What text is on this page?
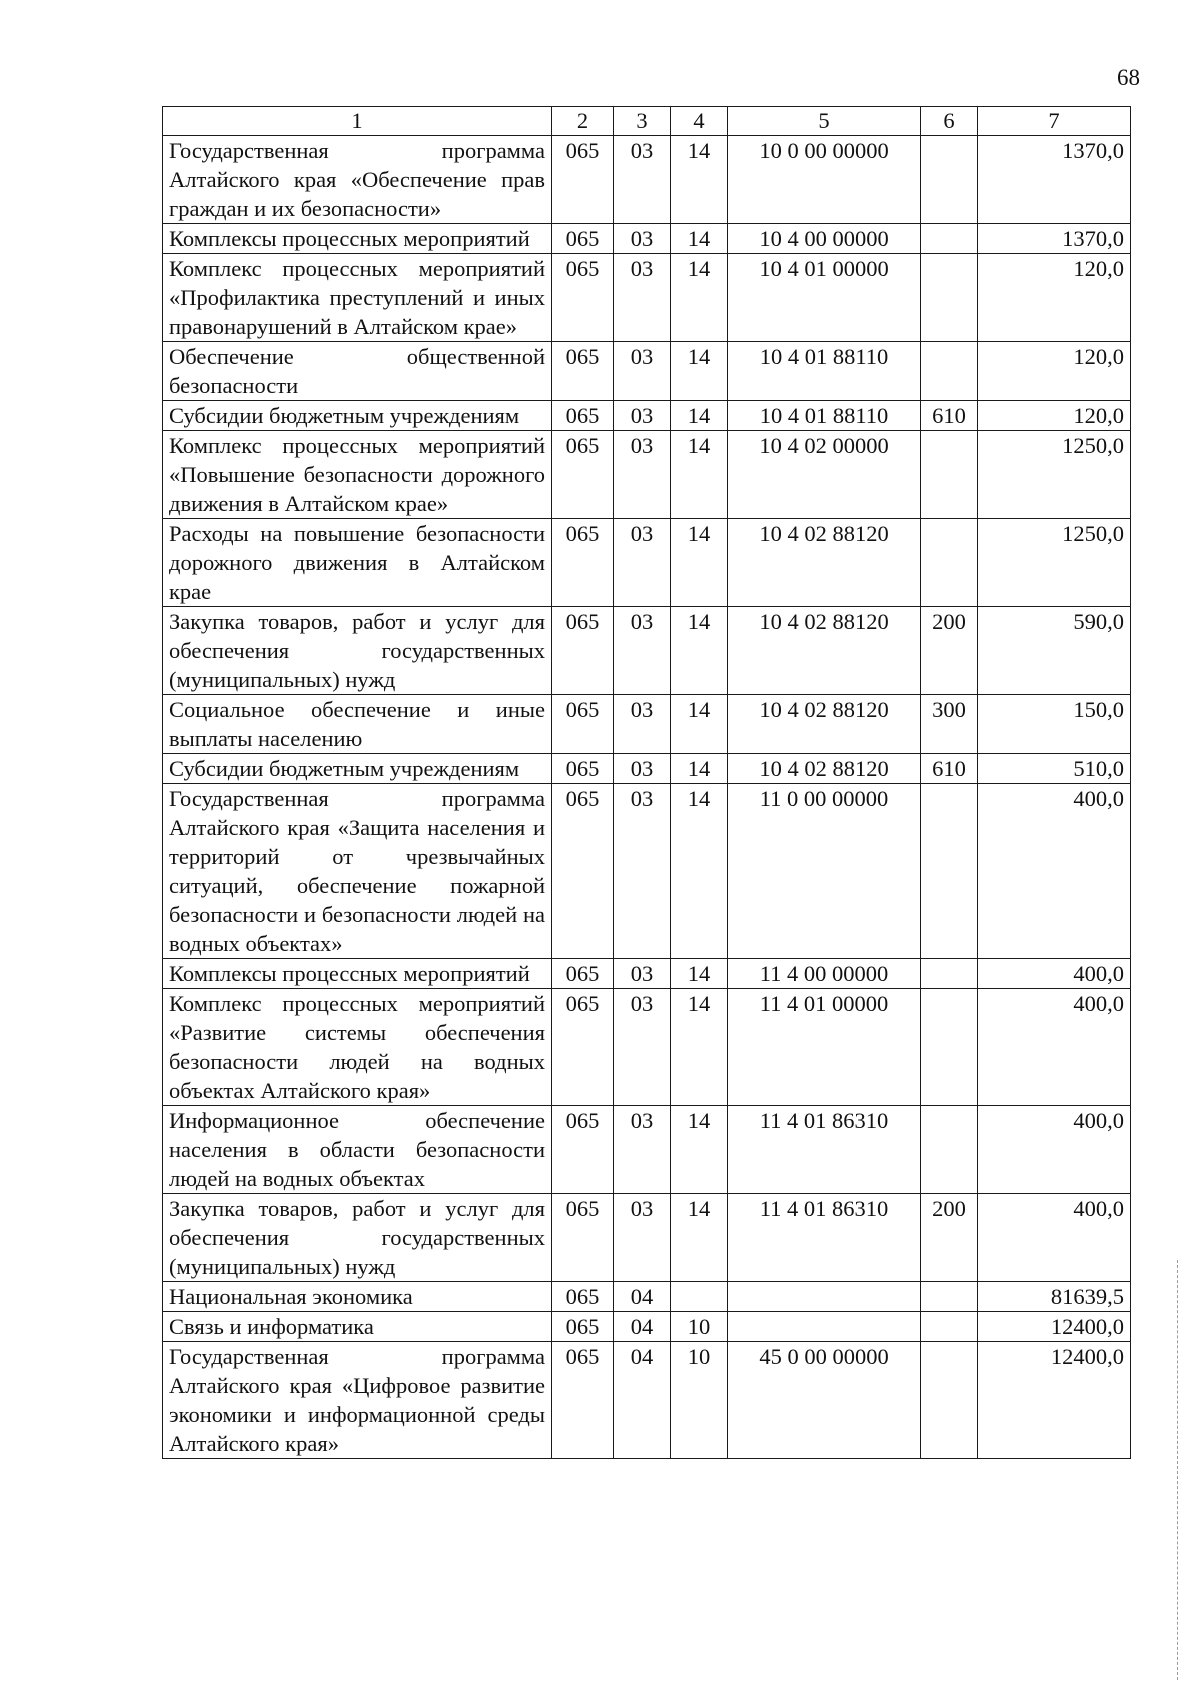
68
1	2	3	4	5	6	7
Государственная программа Алтайского края «Обеспечение прав граждан и их безопасности»	065	03	14	10 0 00 00000		1370,0
Комплексы процессных мероприятий	065	03	14	10 4 00 00000		1370,0
Комплекс процессных мероприятий «Профилактика преступлений и иных правонарушений в Алтайском крае»	065	03	14	10 4 01 00000		120,0
Обеспечение общественной безопасности	065	03	14	10 4 01 88110		120,0
Субсидии бюджетным учреждениям	065	03	14	10 4 01 88110	610	120,0
Комплекс процессных мероприятий «Повышение безопасности дорожного движения в Алтайском крае»	065	03	14	10 4 02 00000		1250,0
Расходы на повышение безопасности дорожного движения в Алтайском крае	065	03	14	10 4 02 88120		1250,0
Закупка товаров, работ и услуг для обеспечения государственных (муниципальных) нужд	065	03	14	10 4 02 88120	200	590,0
Социальное обеспечение и иные выплаты населению	065	03	14	10 4 02 88120	300	150,0
Субсидии бюджетным учреждениям	065	03	14	10 4 02 88120	610	510,0
Государственная программа Алтайского края «Защита населения и территорий от чрезвычайных ситуаций, обеспечение пожарной безопасности и безопасности людей на водных объектах»	065	03	14	11 0 00 00000		400,0
Комплексы процессных мероприятий	065	03	14	11 4 00 00000		400,0
Комплекс процессных мероприятий «Развитие системы обеспечения безопасности людей на водных объектах Алтайского края»	065	03	14	11 4 01 00000		400,0
Информационное обеспечение населения в области безопасности людей на водных объектах	065	03	14	11 4 01 86310		400,0
Закупка товаров, работ и услуг для обеспечения государственных (муниципальных) нужд	065	03	14	11 4 01 86310	200	400,0
Национальная экономика	065	04				81639,5
Связь и информатика	065	04	10			12400,0
Государственная программа Алтайского края «Цифровое развитие экономики и информационной среды Алтайского края»	065	04	10	45 0 00 00000		12400,0
